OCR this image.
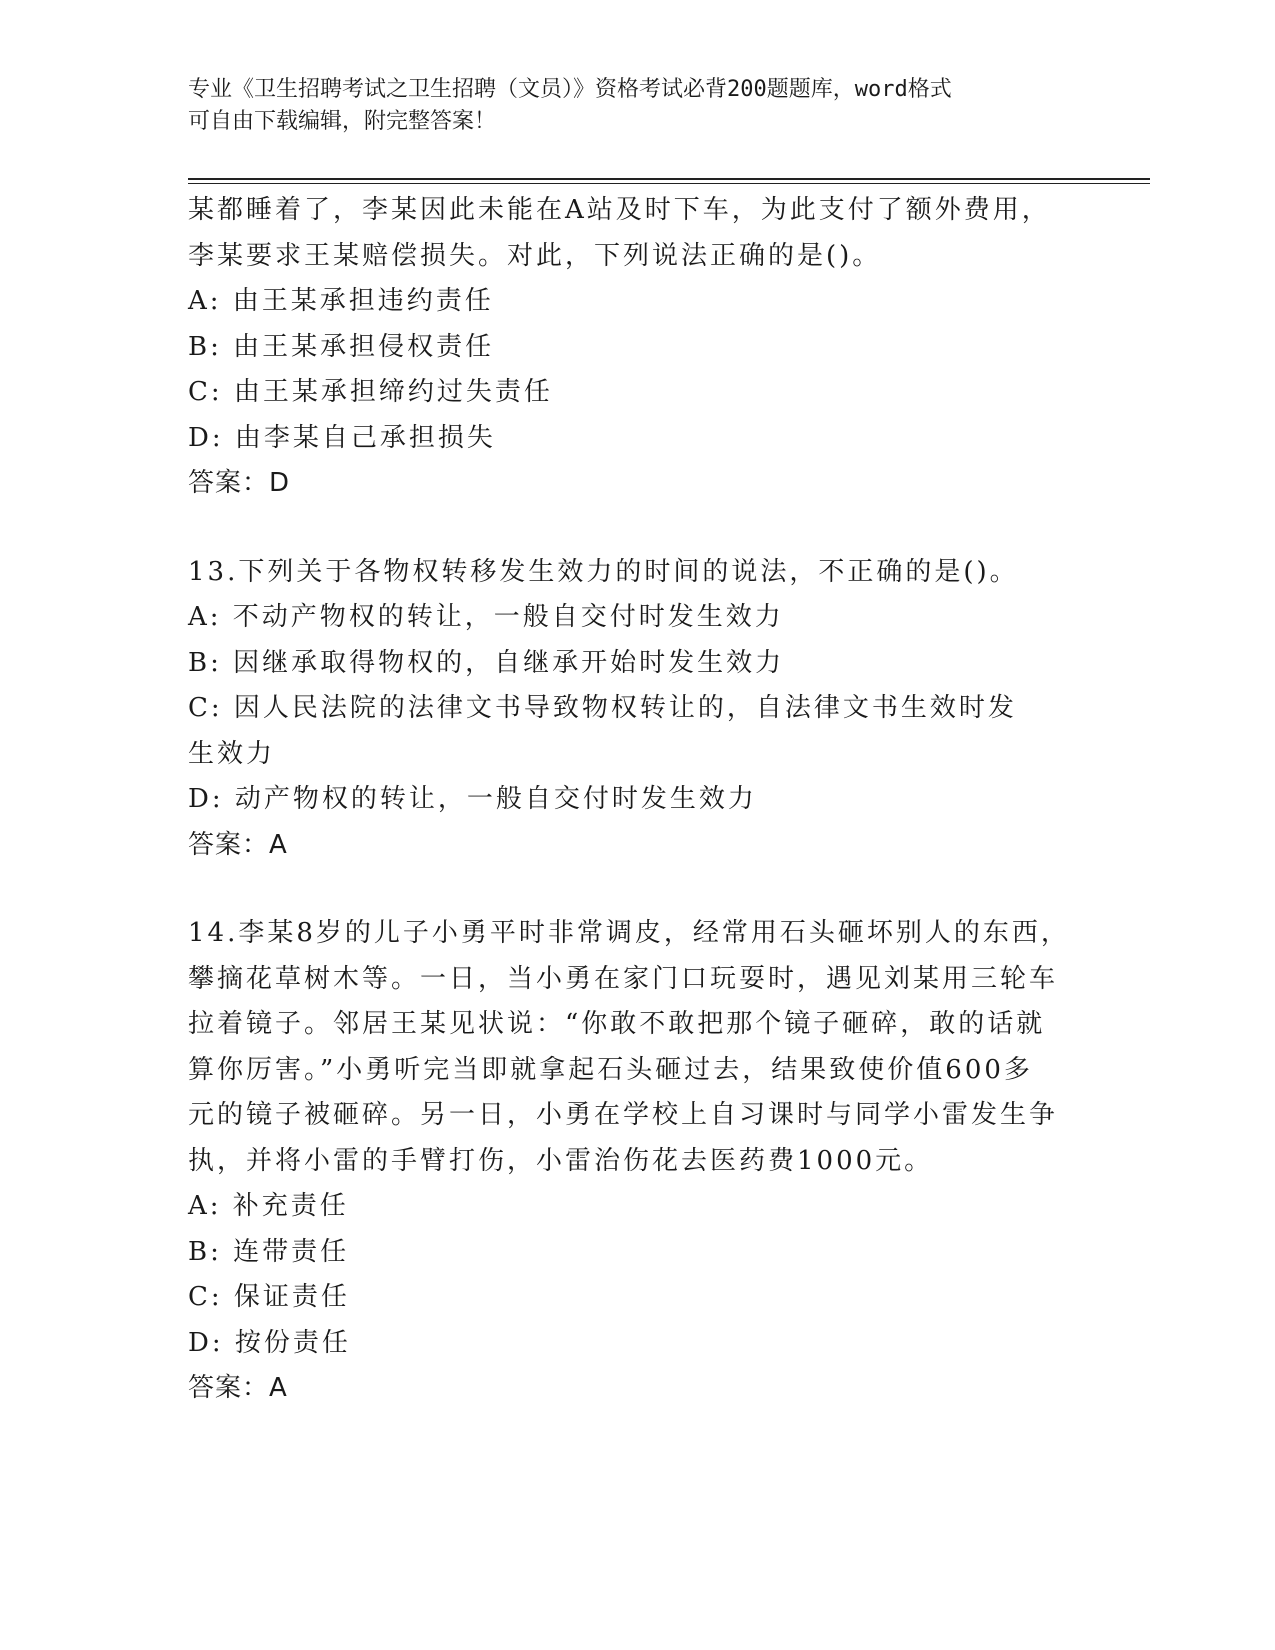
专业《卫生招聘考试之卫生招聘（文员）》资格考试必背200题题库，word格式
可自由下载编辑，附完整答案！
某都睡着了，李某因此未能在A站及时下车，为此支付了额外费用，
李某要求王某赔偿损失。对此，下列说法正确的是()。
A: 由王某承担违约责任
B: 由王某承担侵权责任
C: 由王某承担缔约过失责任
D: 由李某自己承担损失
答案：D
13.下列关于各物权转移发生效力的时间的说法，不正确的是()。
A: 不动产物权的转让，一般自交付时发生效力
B: 因继承取得物权的，自继承开始时发生效力
C: 因人民法院的法律文书导致物权转让的，自法律文书生效时发生效力
D: 动产物权的转让，一般自交付时发生效力
答案：A
14.李某8岁的儿子小勇平时非常调皮，经常用石头砸坏别人的东西，
攀摘花草树木等。一日，当小勇在家门口玩耍时，遇见刘某用三轮车
拉着镜子。邻居王某见状说：“你敢不敢把那个镜子砸碎，敢的话就
算你厉害。”小勇听完当即就拿起石头砸过去，结果致使价值600多
元的镜子被砸碎。另一日，小勇在学校上自习课时与同学小雷发生争
执，并将小雷的手臂打伤，小雷治伤花去医药费1000元。
A: 补充责任
B: 连带责任
C: 保证责任
D: 按份责任
答案：A
